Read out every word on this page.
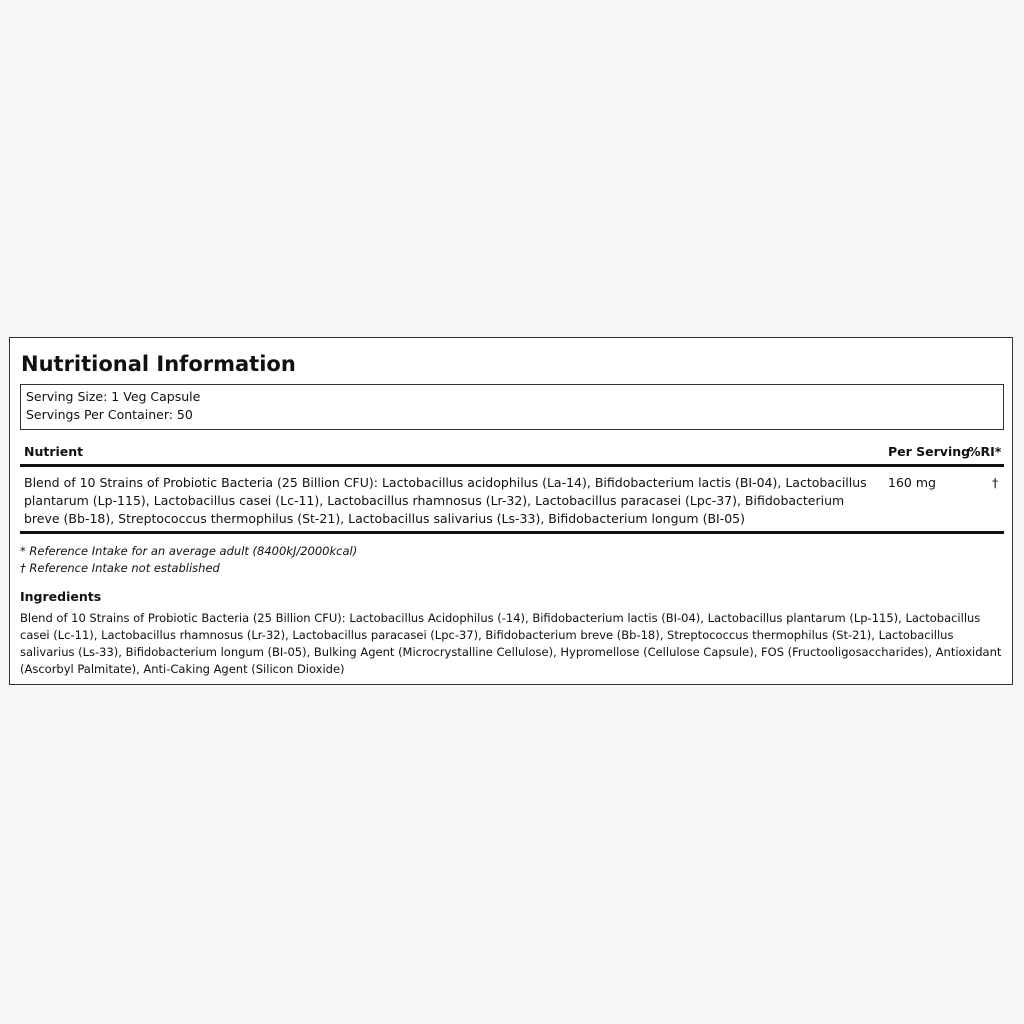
Nutritional Information
Serving Size: 1 Veg Capsule
Servings Per Container: 50
Nutrient	Per Serving
%RI*
Blend of 10 Strains of Probiotic Bacteria (25 Billion CFU): Lactobacillus acidophilus (La-14), Bifidobacterium lactis (BI-04), Lactobacillus plantarum (Lp-115), Lactobacillus casei (Lc-11), Lactobacillus rhamnosus (Lr-32), Lactobacillus paracasei (Lpc-37), Bifidobacterium breve (Bb-18), Streptococcus thermophilus (St-21), Lactobacillus salivarius (Ls-33), Bifidobacterium longum (BI-05)
160 mg	†
* Reference Intake for an average adult (8400kJ/2000kcal)
† Reference Intake not established
Ingredients
Blend of 10 Strains of Probiotic Bacteria (25 Billion CFU): Lactobacillus Acidophilus (-14), Bifidobacterium lactis (BI-04), Lactobacillus plantarum (Lp-115), Lactobacillus casei (Lc-11), Lactobacillus rhamnosus (Lr-32), Lactobacillus paracasei (Lpc-37), Bifidobacterium breve (Bb-18), Streptococcus thermophilus (St-21), Lactobacillus salivarius (Ls-33), Bifidobacterium longum (BI-05), Bulking Agent (Microcrystalline Cellulose), Hypromellose (Cellulose Capsule), FOS (Fructooligosaccharides), Antioxidant (Ascorbyl Palmitate), Anti-Caking Agent (Silicon Dioxide)
